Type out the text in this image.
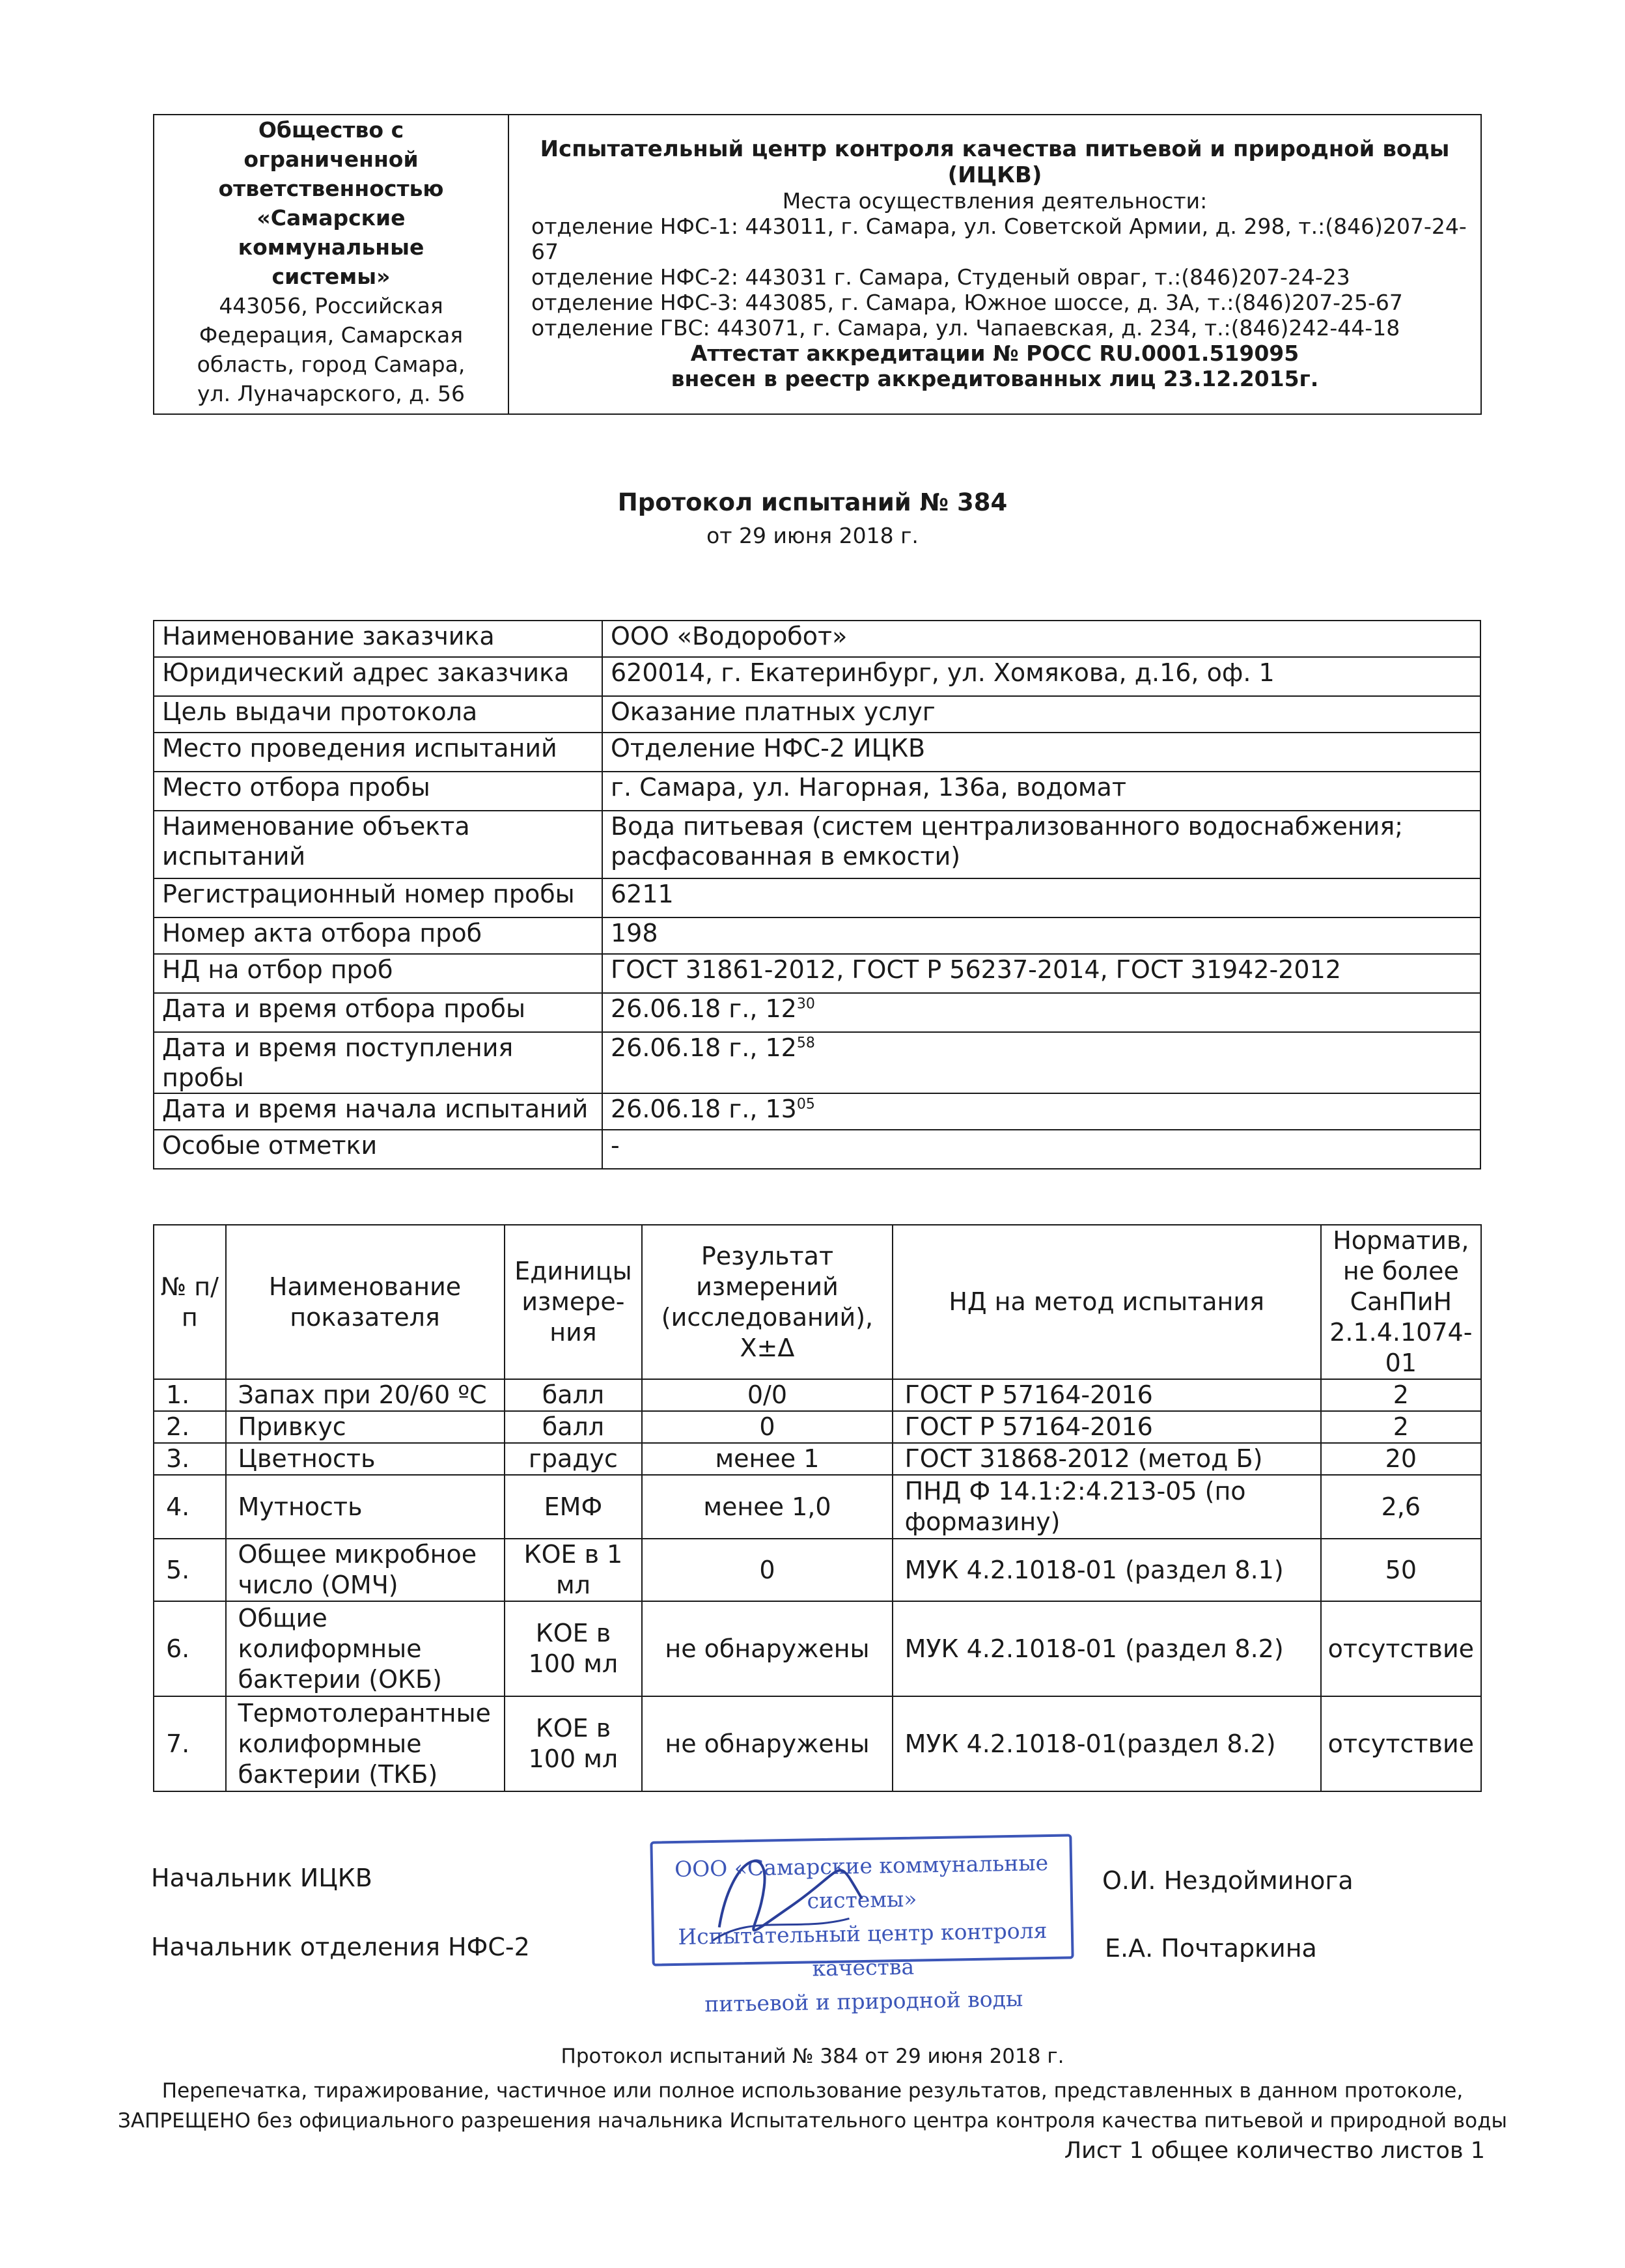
Общество с
ограниченной
ответственностью
«Самарские
коммунальные
системы»
443056, Российская
Федерация, Самарская
область, город Самара,
ул. Луначарского, д. 56

Испытательный центр контроля качества питьевой и природной воды
(ИЦКВ)
Места осуществления деятельности:
отделение НФС-1: 443011, г. Самара, ул. Советской Армии, д. 298, т.:(846)207-24-67
отделение НФС-2: 443031 г. Самара, Студеный овраг, т.:(846)207-24-23
отделение НФС-3: 443085, г. Самара, Южное шоссе, д. 3А, т.:(846)207-25-67
отделение ГВС: 443071, г. Самара, ул. Чапаевская, д. 234, т.:(846)242-44-18
Аттестат аккредитации № РОСС RU.0001.519095
внесен в реестр аккредитованных лиц 23.12.2015г.
Протокол испытаний № 384
от 29 июня 2018 г.
Наименование заказчика	ООО «Водоробот»
Юридический адрес заказчика	620014, г. Екатеринбург, ул. Хомякова, д.16, оф. 1
Цель выдачи протокола	Оказание платных услуг
Место проведения испытаний	Отделение НФС-2 ИЦКВ
Место отбора пробы	г. Самара, ул. Нагорная, 136а, водомат
Наименование объекта испытаний	Вода питьевая (систем централизованного водоснабжения; расфасованная в емкости)
Регистрационный номер пробы	6211
Номер акта отбора проб	198
НД на отбор проб	ГОСТ 31861-2012, ГОСТ Р 56237-2014, ГОСТ 31942-2012
Дата и время отбора пробы	26.06.18 г., $12^{30}$
Дата и время поступления пробы	26.06.18 г., $12^{58}$
Дата и время начала испытаний	26.06.18 г., $13^{05}$
Особые отметки	-
№ п/п	Наименование показателя	Единицы измере-ния	Результат измерений (исследований), Х±Δ	НД на метод испытания	Норматив, не более СанПиН 2.1.4.1074-01
1.	Запах при 20/60 ºС	балл	0/0	ГОСТ Р 57164-2016	2
2.	Привкус	балл	0	ГОСТ Р 57164-2016	2
3.	Цветность	градус	менее 1	ГОСТ 31868-2012 (метод Б)	20
4.	Мутность	ЕМФ	менее 1,0	ПНД Ф 14.1:2:4.213-05 (по формазину)	2,6
5.	Общее микробное число (ОМЧ)	КОЕ в 1 мл	0	МУК 4.2.1018-01 (раздел 8.1)	50
6.	Общие колиформные бактерии (ОКБ)	КОЕ в 100 мл	не обнаружены	МУК 4.2.1018-01 (раздел 8.2)	отсутствие
7.	Термотолерантные колиформные бактерии (ТКБ)	КОЕ в 100 мл	не обнаружены	МУК 4.2.1018-01(раздел 8.2)	отсутствие
Начальник ИЦКВ	О.И. Нездойминога
Начальник отделения НФС-2	Е.А. Почтаркина
ООО «Самарские коммунальные системы»
Испытательный центр контроля качества
питьевой и природной воды
Протокол испытаний № 384 от 29 июня 2018 г.
Перепечатка, тиражирование, частичное или полное использование результатов, представленных в данном протоколе,
ЗАПРЕЩЕНО без официального разрешения начальника Испытательного центра контроля качества питьевой и природной воды
Лист 1 общее количество листов 1
